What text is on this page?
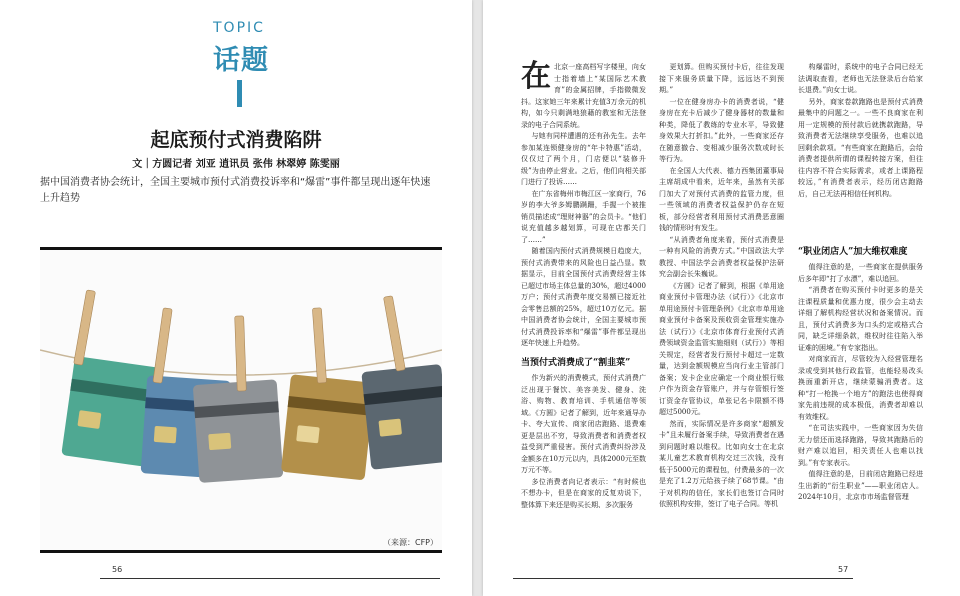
TOPIC
话题
起底预付式消费陷阱
文｜方圆记者 刘亚 逍讯员 张伟 林翠婷 陈雯丽
据中国消费者协会统计，全国主要城市预付式消费投诉率和“爆雷”事件都呈现出逐年快速上升趋势
（来源：CFP）
56

在北京一座高档写字楼里，向女士指着墙上“某国际艺术教育”的金属招牌，手指微微发抖。这家她三年来累计充值3万余元的机构，如今只剩满地狼藉的教室和无法登录的电子合同系统。

与她有同样遭遇的还有孙先生。去年参加某连锁健身房的“年卡特惠”活动，仅仅过了两个月，门店便以“装修升级”为由停止营业。之后，他们向相关部门进行了投诉……

在广东省梅州市梅江区一家商行，76岁的李大爷多姆鹏蹒跚，手握一个被推销员描述成“理财神器”的会员卡。“他们说充值越多越划算，可现在店都关门了……”

随着国内预付式消费规模日趋庞大，预付式消费带来的风险也日益凸显。数据显示，目前全国预付式消费经营主体已超过市场主体总量的30%，超过4000万户；预付式消费年度交易额已接近社会零售总额的25%，超过10万亿元。据中国消费者协会统计，全国主要城市预付式消费投诉率和“爆雷”事件都呈现出逐年快速上升趋势。

当预付式消费成了“割韭菜”

作为新兴的消费模式，预付式消费广泛出现于餐饮、美容美发、健身、洗浴、购物、教育培训、手机通信等领域。《方圆》记者了解到，近年来通导办卡、夸大宣传、商家闭店跑路、退费难更是层出不穷，导致消费者和消费者权益受到严重侵害。预付式消费纠纷涉及金额多在10万元以内，具体2000元至数万元不等。

多位消费者向记者表示：“有时候也不想办卡，但是在商家的反复劝说下，整体算下来还是购买长期、多次服务

更划算。但购买预付卡后，往往发现接下来服务质量下降，远远达不到预期。”

一位在健身房办卡的消费者说，“健身房在充卡后减少了健身器材的数量和种类，降低了教练的专业水平，导致健身效果大打折扣。”此外，一些商家还存在随意撤合、变相减少服务次数或时长等行为。

在全国人大代表、德力西集团董事局主席胡成中看来，近年来，虽然有关部门加大了对预付式消费的监管力度，但一些领域的消费者权益保护仍存在短板，部分经营者利用预付式消费恶意圈钱的情形时有发生。

“从消费者角度来看，预付式消费是一种有风险的消费方式。”中国政法大学教授、中国法学会消费者权益保护法研究会副会长朱巍说。

《方圆》记者了解到，根据《单用途商业预付卡管理办法（试行）》《北京市单用途预付卡管理条例》《北京市单用途商业预付卡备案及预收资金管理实施办法（试行）》《北京市体育行业预付式消费领域资金监管实施细则（试行）》等相关规定，经营者发行预付卡超过一定数量，达到金额规模应当向行业主管部门备案；发卡企业应确定一个商业银行账户作为资金存管账户，并与存管银行签订资金存管协议，单张记名卡限额不得超过5000元。

然而，实际情况是许多商家“超额发卡”且未履行备案手续，导致消费者在遇到问题时难以维权。比如向女士在北京某儿童艺术教育机构交过三次钱，没有低于5000元的课程包，付费最多的一次是充了1.2万元给孩子续了68节课。“由于对机构的信任，家长们也签订合同时依照机构安排，签订了电子合同。等机

构爆雷时，系统中的电子合同已经无法调取查看，老师也无法登录后台给家长退费。”向女士说。

另外，商家卷款跑路也是预付式消费最集中的问题之一。一些不良商家在利用一定规模的预付款后就携款跑路，导致消费者无法继续享受服务，也难以追回剩余款项。“有些商家在跑路后，会给消费者提供所谓的课程转接方案，但往往内容不符合实际需求，或者上课路程较远，”有消费者表示，经历闭店跑路后，自己无法再相信任何机构。

“职业闭店人”加大维权难度

值得注意的是，一些商家在提供服务后多年即“打了水漂”，难以追回。

“消费者在购买预付卡时更多的是关注课程质量和优惠力度，很少会主动去详细了解机构经营状况和备案情况。而且，预付式消费多为口头约定或格式合同，缺乏详细条款，维权时往往陷入举证难的困境。”有专家指出。

对商家而言，尽管较为入经营管理名录或受到其他行政监管，也能轻易改头换面重新开店，继续蒙骗消费者。这种“打一枪换一个地方”的跑法也使得商家先前违规的成本极低，消费者却难以有效维权。

“在司法实践中，一些商家因为失信无力偿还而选择跑路，导致其跑路后的财产难以追回，相关责任人也难以找到。”有专家表示。

值得注意的是，日前闭店跑路已经进生出新的“衍生职业”——职业闭店人。2024年10月，北京市市场监督管理

57
